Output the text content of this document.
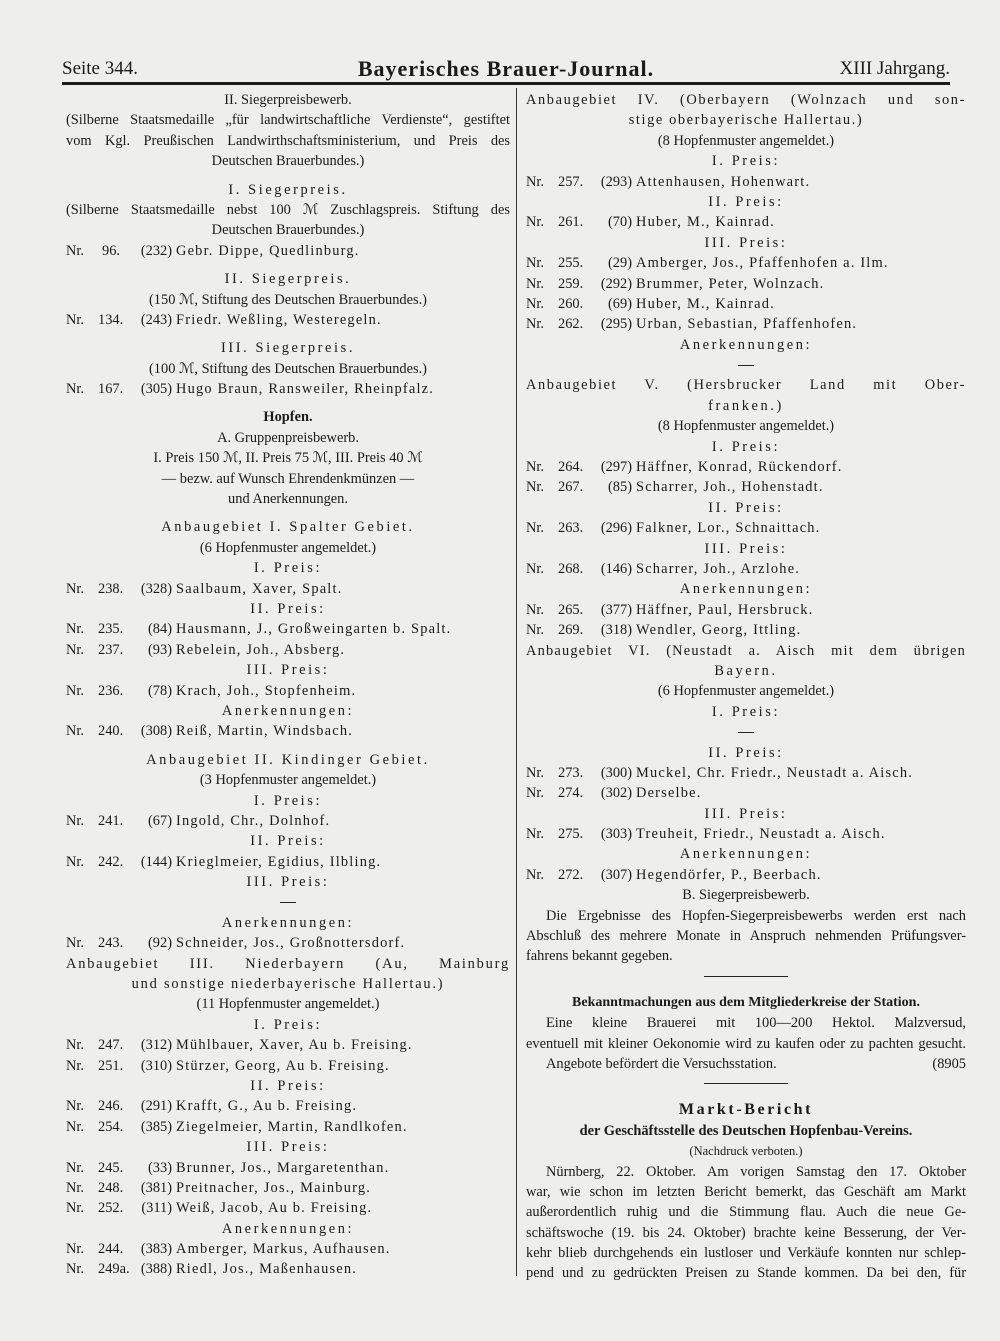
Seite 344.	Bayerisches Brauer-Journal.	XIII Jahrgang.
II. Siegerpreisbewerb.
(Silberne Staatsmedaille „für landwirtschaftliche Verdienste“, gestiftet
vom Kgl. Preußischen Landwirthschaftsministerium, und Preis des
Deutschen Brauerbundes.)
I. Siegerpreis.
(Silberne Staatsmedaille nebst 100 ℳ Zuschlagspreis. Stiftung des
Deutschen Brauerbundes.)
Nr.	96.	(232) Gebr. Dippe, Quedlinburg.
II. Siegerpreis.
(150 ℳ, Stiftung des Deutschen Brauerbundes.)
Nr. 134.	(243) Friedr. Weßling, Westeregeln.
III. Siegerpreis.
(100 ℳ, Stiftung des Deutschen Brauerbundes.)
Nr. 167.	(305) Hugo Braun, Ranswеiler, Rheinpfalz.
Hopfen.
A. Gruppenpreisbewerb.
I. Preis 150 ℳ, II. Preis 75 ℳ, III. Preis 40 ℳ
— bezw. auf Wunsch Ehrendenkmünzen —
und Anerkennungen.
Anbaugebiet I. Spalter Gebiet.
(6 Hopfenmuster angemeldet.)
I. Preis:
Nr. 238.	(328) Saalbaum, Xaver, Spalt.
II. Preis:
Nr. 235.	(84) Hausmann, J., Großweingarten b. Spalt.
Nr. 237.	(93) Rebelein, Joh., Absberg.
III. Preis:
Nr. 236.	(78) Krach, Joh., Stopfenheim.
Anerkennungen:
Nr. 240.	(308) Reiß, Martin, Windsbach.
Anbaugebiet II. Kindinger Gebiet.
(3 Hopfenmuster angemeldet.)
I. Preis:
Nr. 241.	(67) Ingold, Chr., Dolnhof.
II. Preis:
Nr. 242.	(144) Kriеglmeier, Egidius, Ilbling.
III. Preis:
Anerkennungen:
Nr. 243.	(92) Schneider, Jos., Großnottersdorf.
Anbaugebiet III. Niederbayern (Au, Mainburg
und sonstige niederbayerische Hallertau.)
(11 Hopfenmuster angemeldet.)
I. Preis:
Nr. 247.	(312) Mühlbauer, Xaver, Au b. Freising.
Nr. 251.	(310) Stürzer, Georg, Au b. Freising.
II. Preis:
Nr. 246.	(291) Krafft, G., Au b. Freising.
Nr. 254.	(385) Ziegelmeier, Martin, Randlkofen.
III. Preis:
Nr. 245.	(33) Brunner, Jos., Margaretenthan.
Nr. 248.	(381) Preitnacher, Jos., Mainburg.
Nr. 252.	(311) Weiß, Jacob, Au b. Freising.
Anerkennungen:
Nr. 244.	(383) Amberger, Markus, Aufhausen.
Nr. 249a. (388) Riedl, Jos., Maßenhausen.
Anbaugebiet IV. (Oberbayern (Wolnzach und son-
stige oberbayerische Hallertau.)
(8 Hopfenmuster angemeldet.)
I. Preis:
Nr. 257.	(293) Attenhausen, Hohenwart.
II. Preis:
Nr. 261.	(70) Huber, M., Kainrad.
III. Preis:
Nr. 255.	(29) Amberger, Jos., Pfaffenhofen a. Ilm.
Nr. 259.	(292) Brummer, Peter, Wolnzach.
Nr. 260.	(69) Huber, M., Kainrad.
Nr. 262.	(295) Urban, Sebastian, Pfaffenhofen.
Anerkennungen:
Anbaugebiet V. (Hersbrucker Land mit Ober-
franken.)
(8 Hopfenmuster angemeldet.)
I. Preis:
Nr. 264.	(297) Häffner, Konrad, Rückendorf.
Nr. 267.	(85) Scharrer, Joh., Hohenstadt.
II. Preis:
Nr. 263.	(296) Falkner, Lor., Schnaittach.
III. Preis:
Nr. 268.	(146) Scharrer, Joh., Arzlohe.
Anerkennungen:
Nr. 265.	(377) Häffner, Paul, Hersbruck.
Nr. 269.	(318) Wendler, Georg, Ittling.
Anbaugebiet VI. (Neustadt a. Aisch mit dem übrigen
Bayern.
(6 Hopfenmuster angemeldet.)
I. Preis:
II. Preis:
Nr. 273.	(300) Muckel, Chr. Friedr., Neustadt a. Aisch.
Nr. 274.	(302) Derselbe.
III. Preis:
Nr. 275.	(303) Treuheit, Friedr., Neustadt a. Aisch.
Anerkennungen:
Nr. 272.	(307) Hegendörfer, P., Beerbach.
B. Siegerpreisbewerb.
Die Ergebnisse des Hopfen-Siegerpreisbewerbs werden erst nach
Abschluß des mehrere Monate in Anspruch nehmenden Prüfungsver-
fahrens bekannt gegeben.
Bekanntmachungen aus dem Mitgliederkreise der Station.
Eine kleine Brauerei mit 100—200 Hektol. Malzversud,
eventuell mit kleiner Oekonomie wird zu kaufen oder zu pachten gesucht.
Angebote befördert die Versuchsstation.	(8905
Markt-Bericht
der Geschäftsstelle des Deutschen Hopfenbau-Vereins.
(Nachdruck verboten.)
Nürnberg, 22. Oktober. Am vorigen Samstag den 17. Oktober
war, wie schon im letzten Bericht bemerkt, das Geschäft am Markt
außerordentlich ruhig und die Stimmung flau. Auch die neue Ge-
schäftswoche (19. bis 24. Oktober) brachte keine Besserung, der Ver-
kehr blieb durchgehends ein lustloser und Verkäufe konnten nur schlep-
pend und zu gedrückten Preisen zu Stande kommen. Da bei den, für
